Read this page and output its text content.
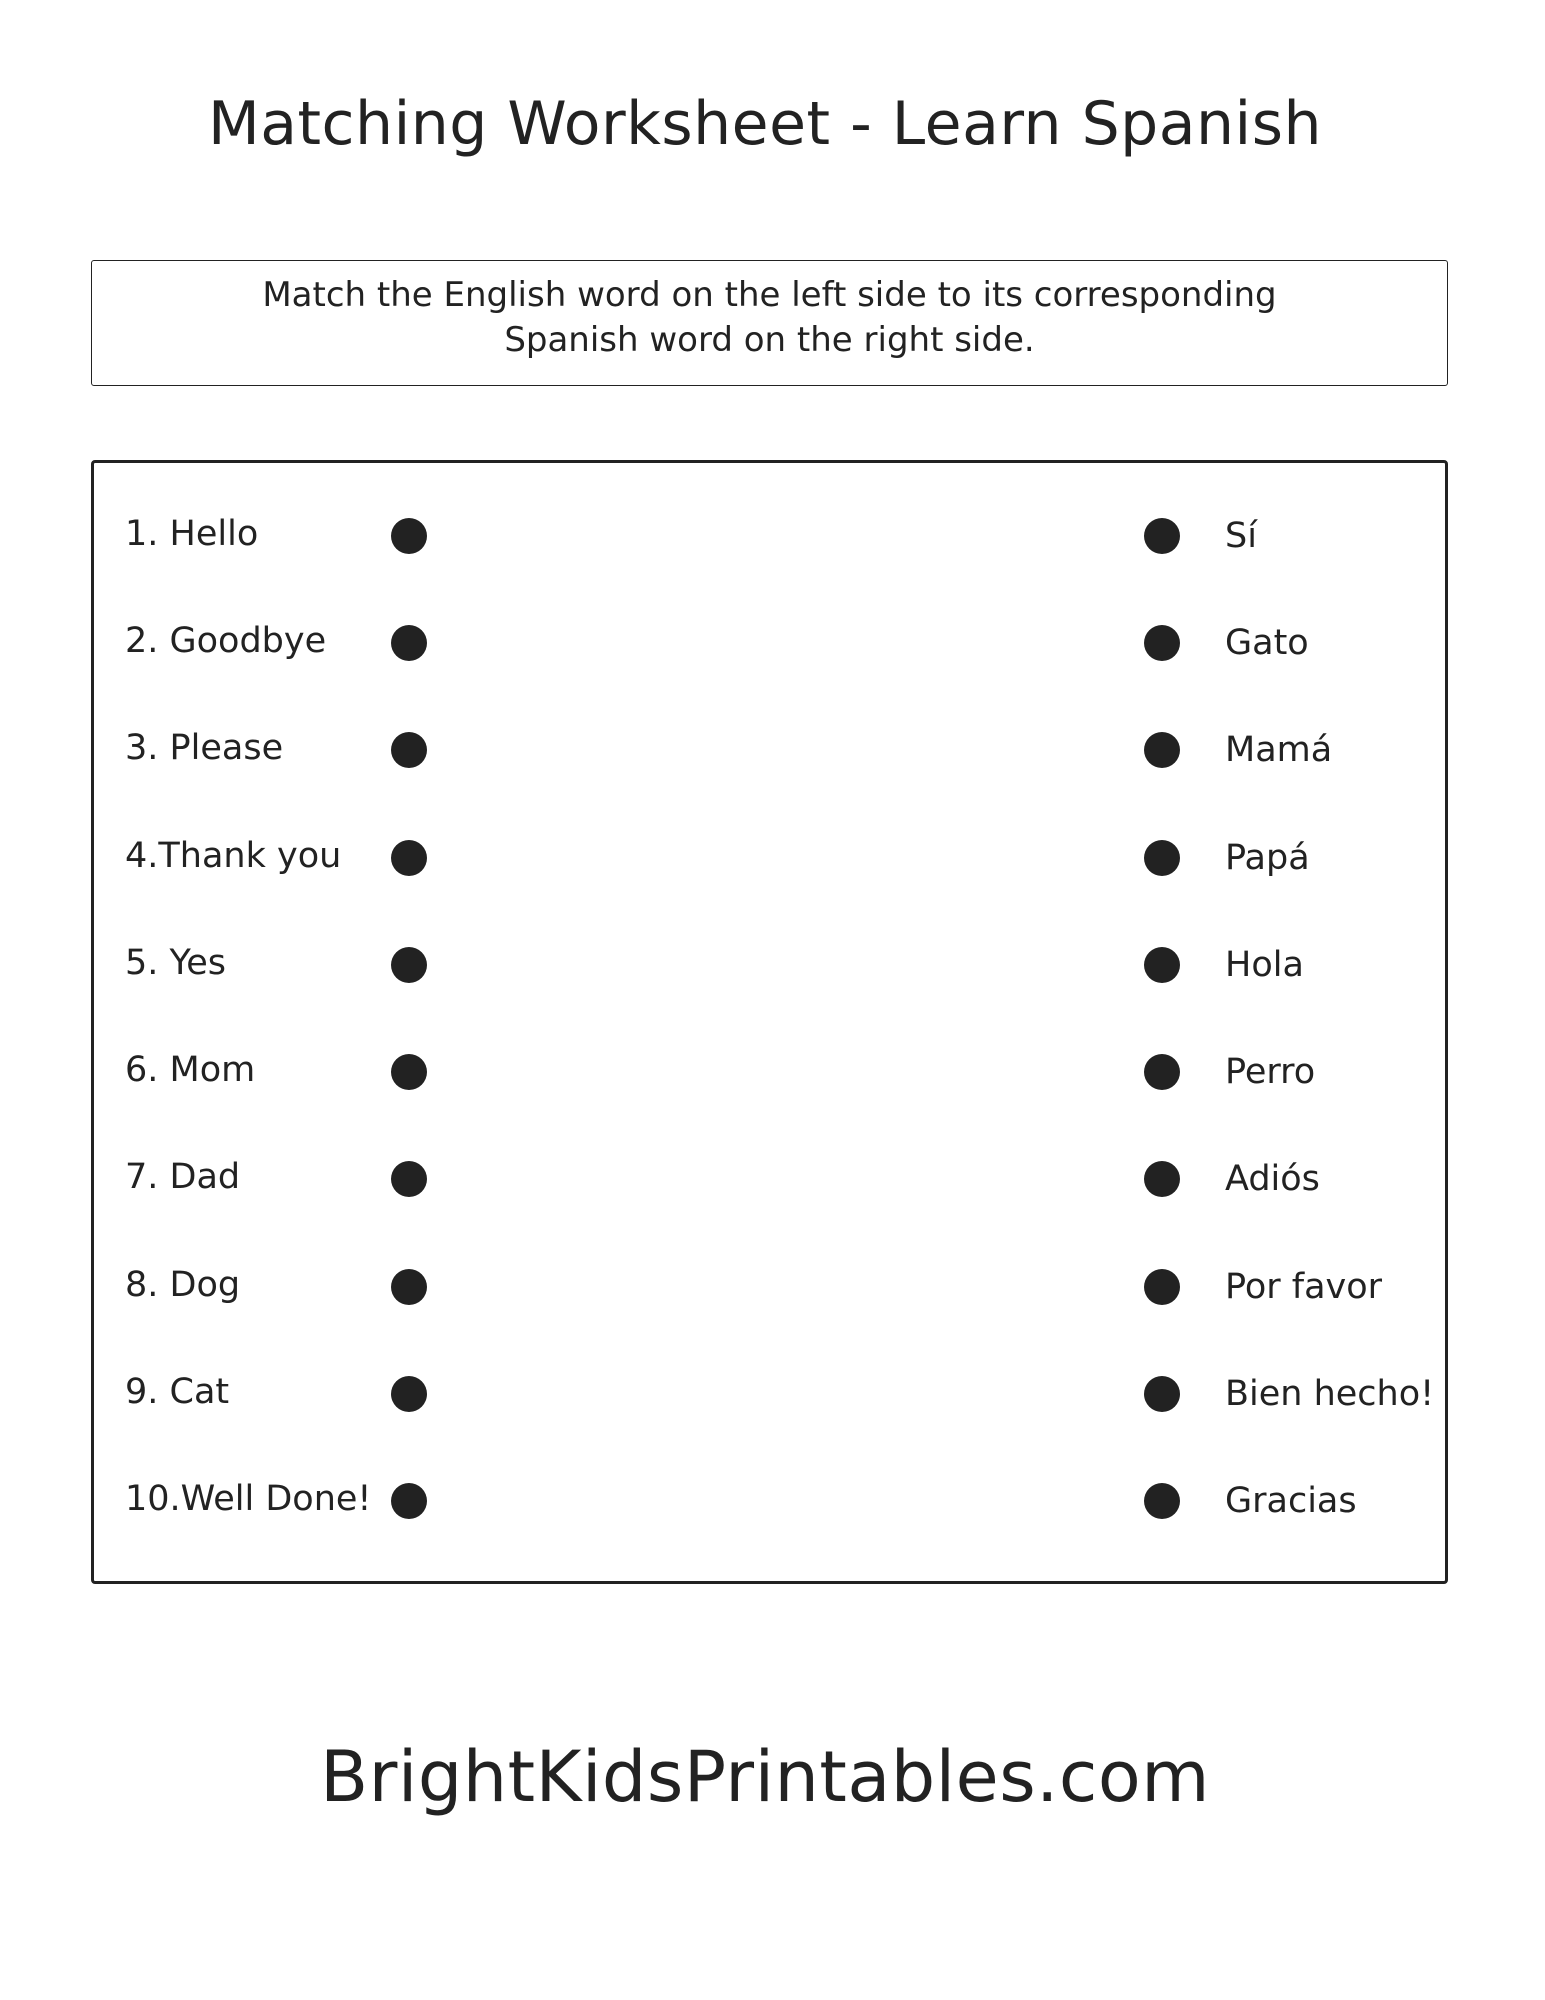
Matching Worksheet - Learn Spanish
Match the English word on the left side to its corresponding
Spanish word on the right side.
1. Hello	Sí
2. Goodbye	Gato
3. Please	Mamá
4.Thank you	Papá
5. Yes	Hola
6. Mom	Perro
7. Dad	Adiós
8. Dog	Por favor
9. Cat	Bien hecho!
10.Well Done!	Gracias
BrightKidsPrintables.com
